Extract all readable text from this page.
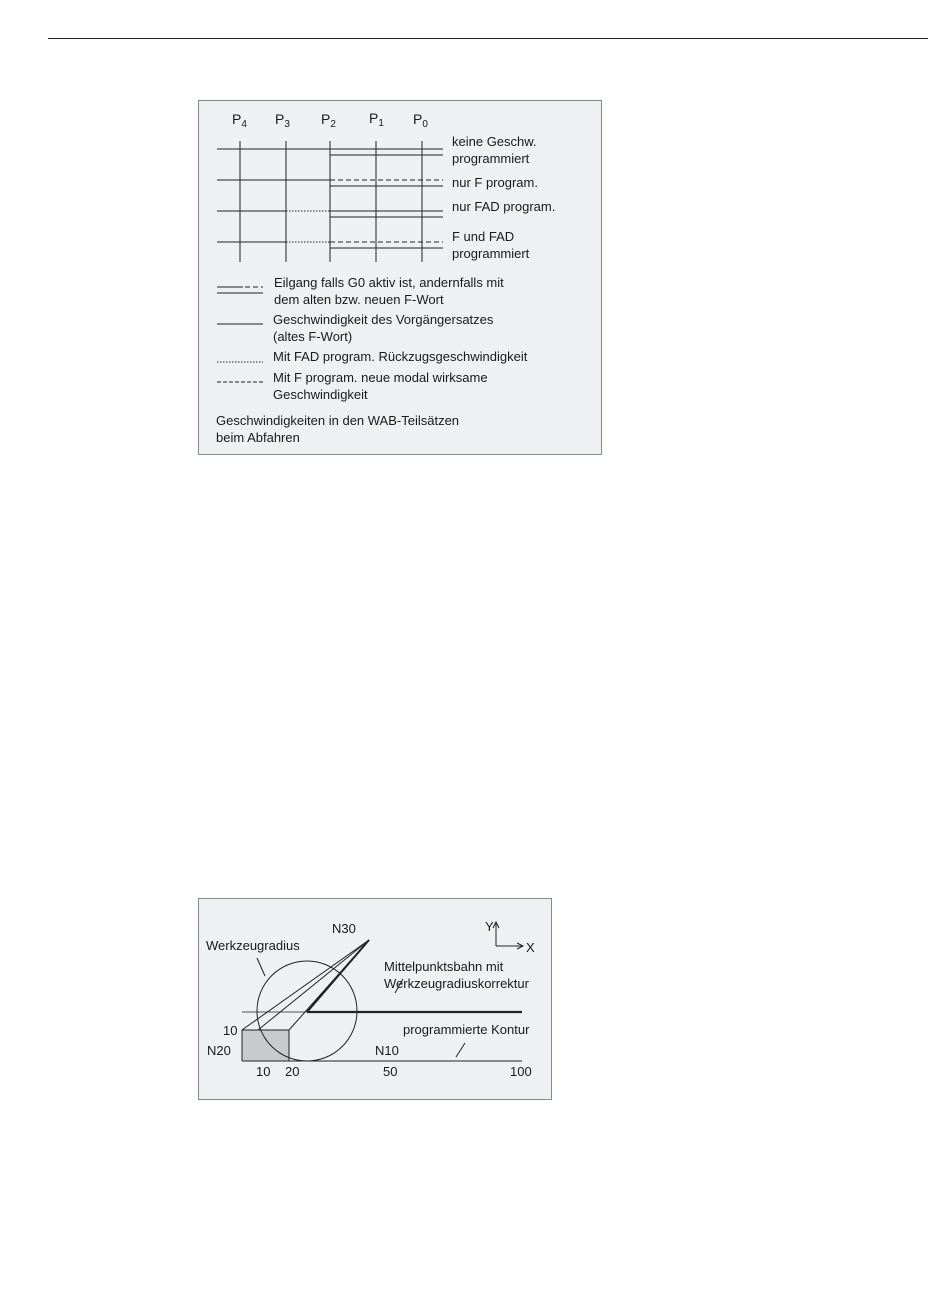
$P_4$ $P_3$ $P_2$ $P_1$ $P_0$
keine Geschw.
programmiert
nur F program.
nur FAD program.
F und FAD
programmiert
Eilgang falls G0 aktiv ist, andernfalls mit
dem alten bzw. neuen F-Wort
Geschwindigkeit des Vorgängersatzes
(altes F-Wort)
Mit FAD program. Rückzugsgeschwindigkeit
Mit F program. neue modal wirksame
Geschwindigkeit
Geschwindigkeiten in den WAB-Teilsätzen
beim Abfahren
Y
X
N30
Werkzeugradius
Mittelpunktsbahn mit
Werkzeugradiuskorrektur
10
N20	N10
programmierte Kontur
10 20	50	100
